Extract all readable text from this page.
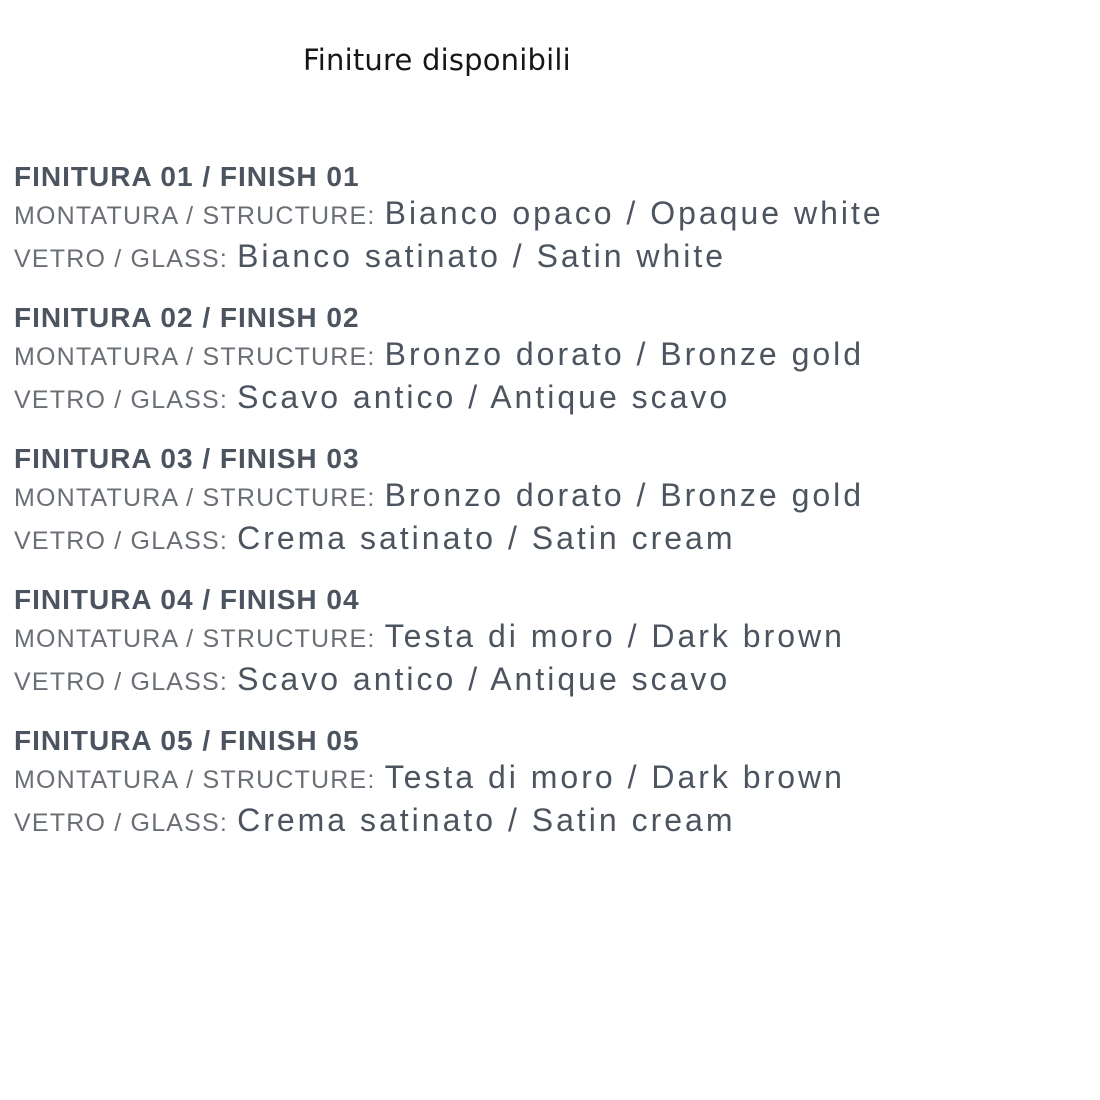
Finiture disponibili
FINITURA 01 / FINISH 01
MONTATURA / STRUCTURE: Bianco opaco / Opaque white
VETRO / GLASS: Bianco satinato / Satin white
FINITURA 02 / FINISH 02
MONTATURA / STRUCTURE: Bronzo dorato / Bronze gold
VETRO / GLASS: Scavo antico / Antique scavo
FINITURA 03 / FINISH 03
MONTATURA / STRUCTURE: Bronzo dorato / Bronze gold
VETRO / GLASS: Crema satinato / Satin cream
FINITURA 04 / FINISH 04
MONTATURA / STRUCTURE: Testa di moro / Dark brown
VETRO / GLASS: Scavo antico / Antique scavo
FINITURA 05 / FINISH 05
MONTATURA / STRUCTURE: Testa di moro / Dark brown
VETRO / GLASS: Crema satinato / Satin cream
